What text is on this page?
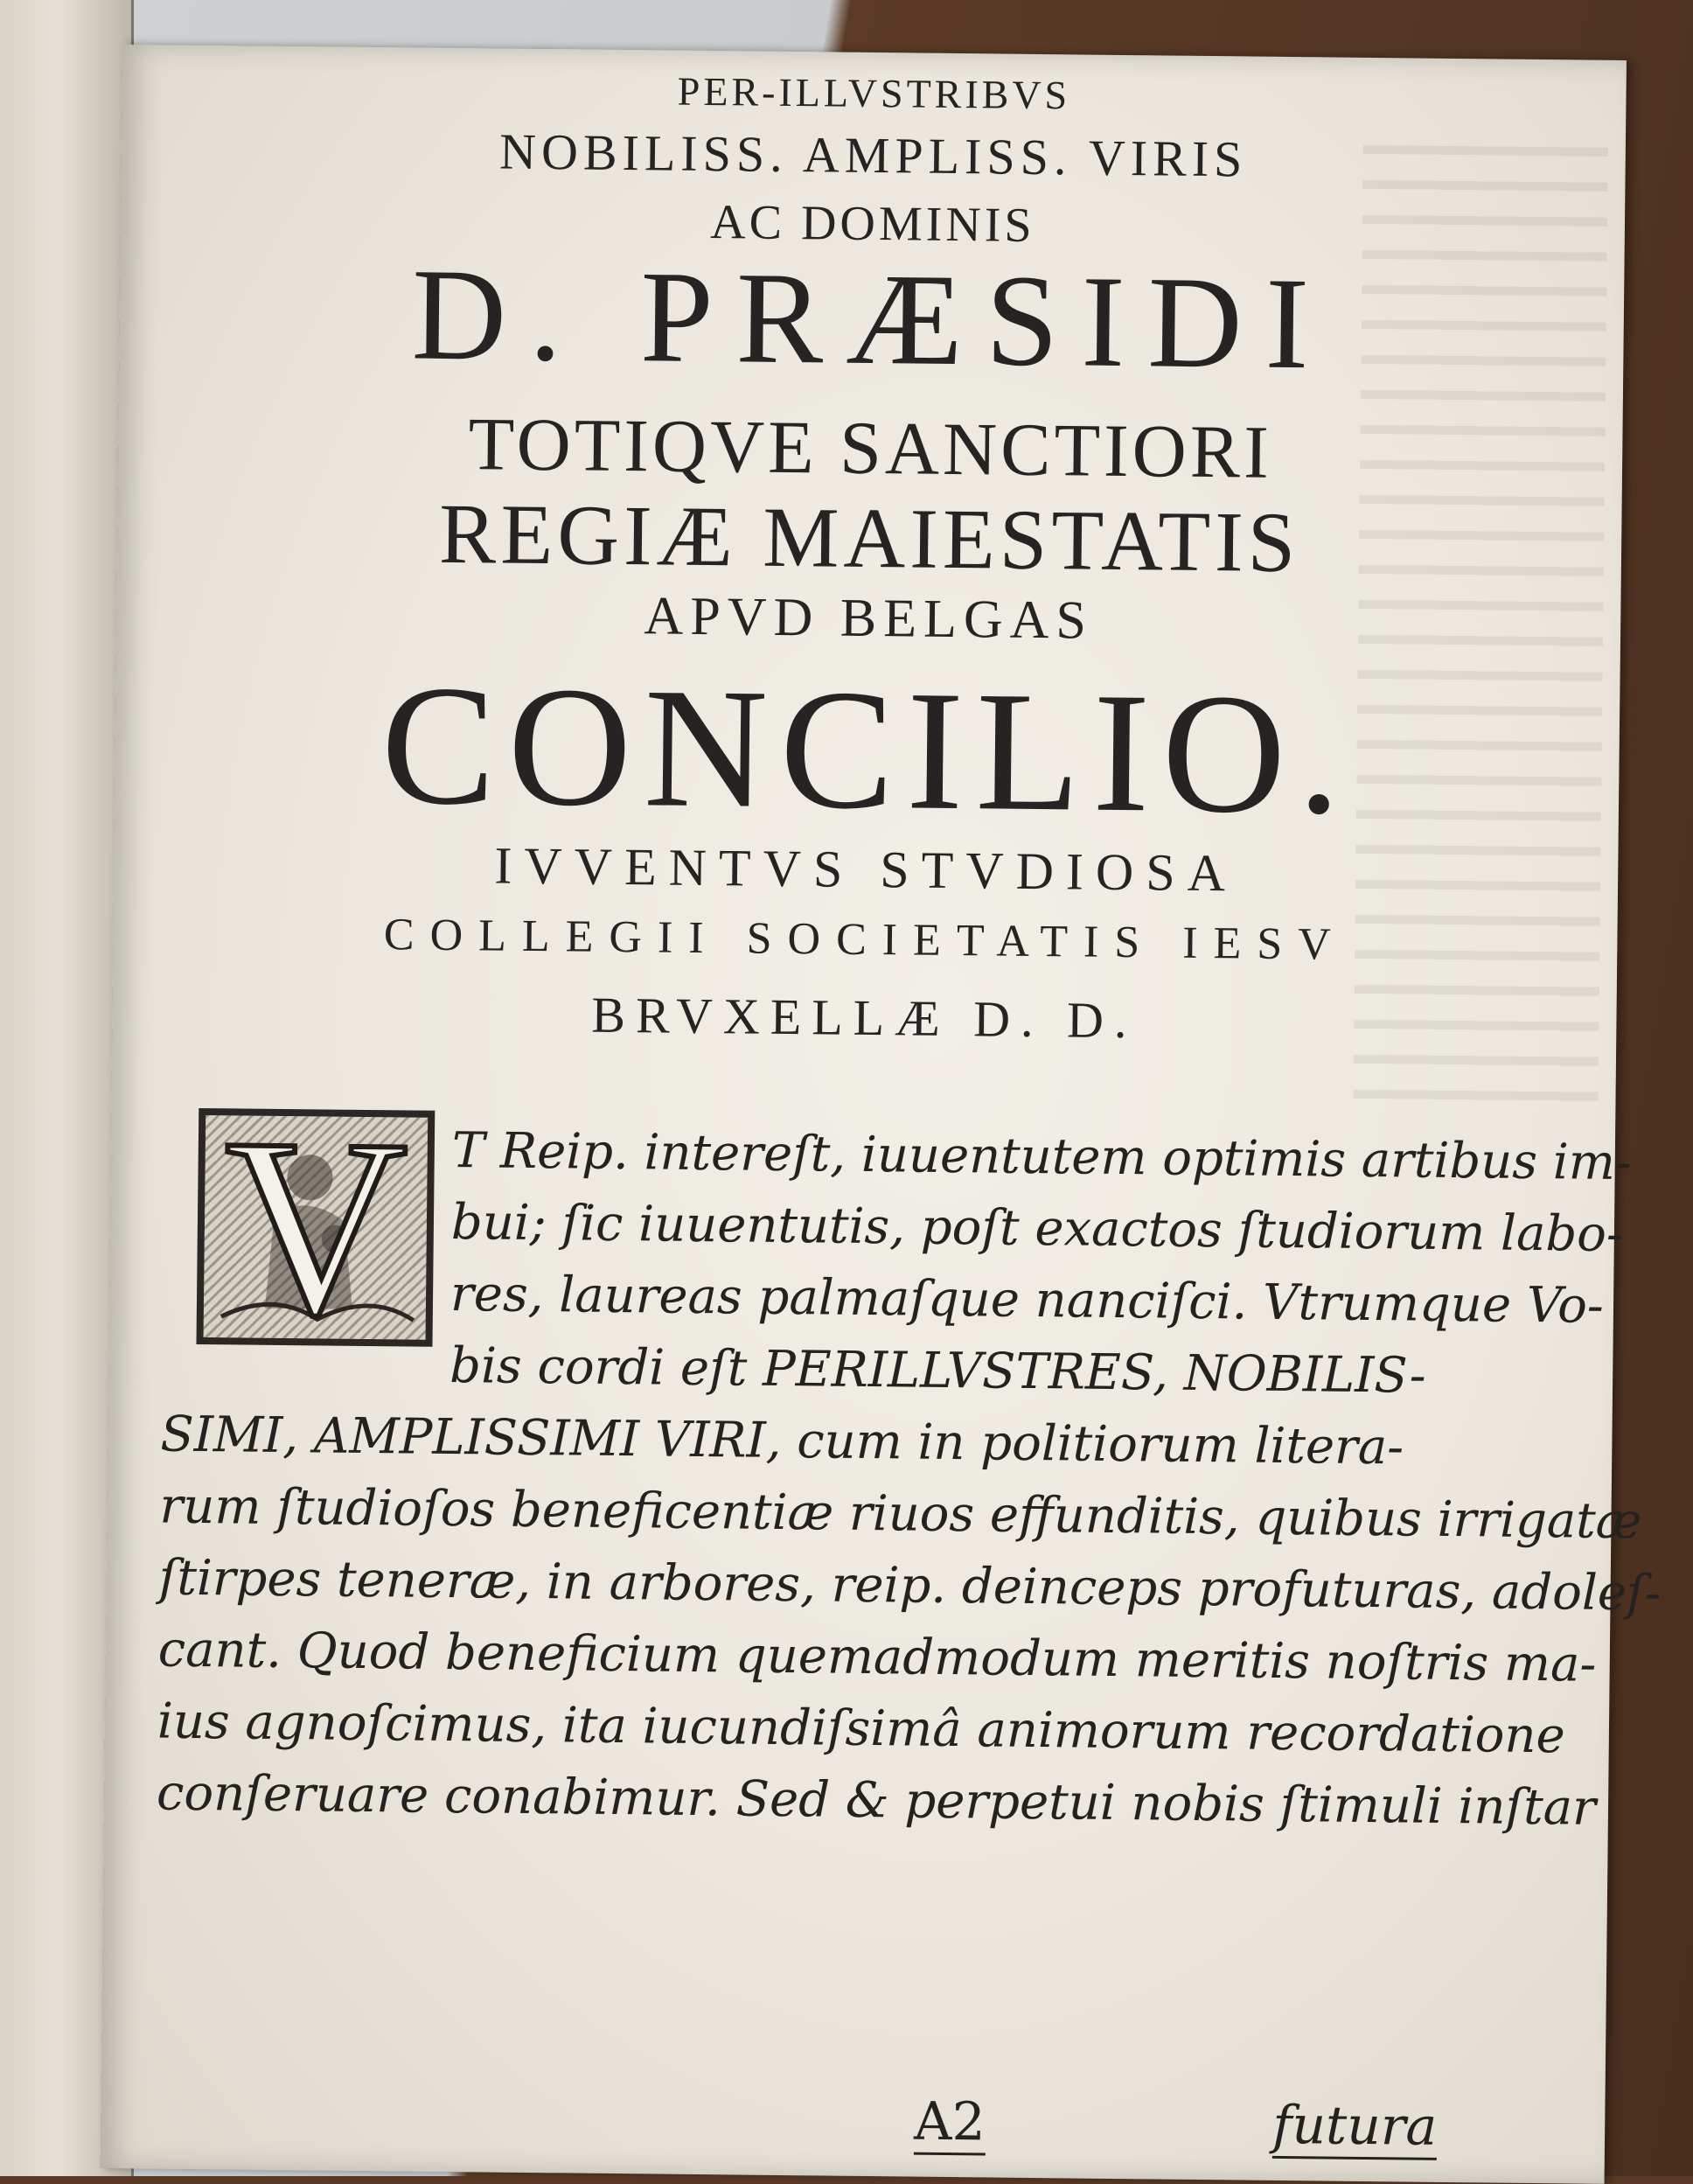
PER-ILLVSTRIBVS
NOBILISS. AMPLISS. VIRIS
AC DOMINIS
D. PRÆSIDI
TOTIQVE SANCTIORI
REGIÆ MAIESTATIS
APVD BELGAS
CONCILIO.
IVVENTVS STVDIOSA
COLLEGII SOCIETATIS IESV
BRVXELLÆ D. D.
V T Reip. intereſt, iuuentutem optimis artibus im-
bui; ſic iuuentutis, poſt exactos ſtudiorum labo-
res, laureas palmaſque nanciſci. Vtrumque Vo-
bis cordi eſt PERILLVSTRES, NOBILIS-
SIMI, AMPLISSIMI VIRI, cum in politiorum litera-
rum ſtudioſos beneficentiæ riuos effunditis, quibus irrigatæ
ſtirpes teneræ, in arbores, reip. deinceps profuturas, adoleſ-
cant. Quod beneficium quemadmodum meritis noſtris ma-
ius agnoſcimus, ita iucundiſsimâ animorum recordatione
conſeruare conabimur. Sed & perpetui nobis ſtimuli inſtar
A2	futura
